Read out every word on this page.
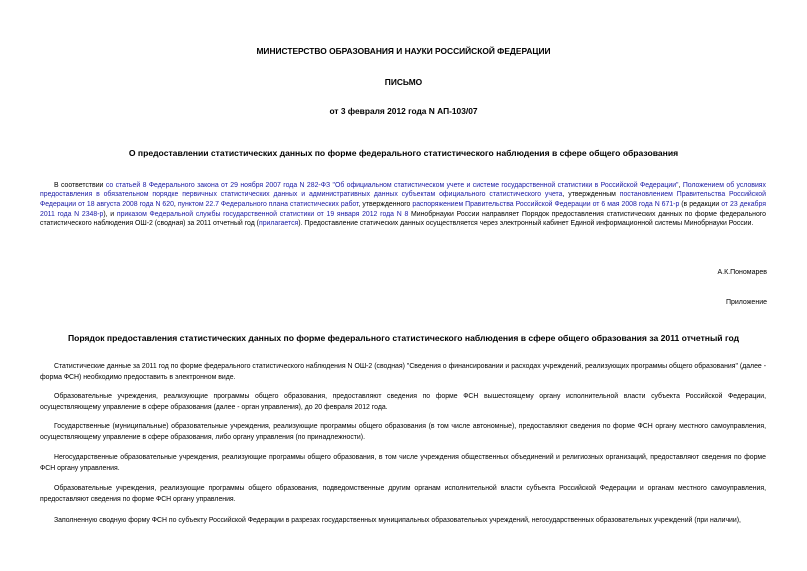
МИНИСТЕРСТВО ОБРАЗОВАНИЯ И НАУКИ РОССИЙСКОЙ ФЕДЕРАЦИИ
ПИСЬМО
от 3 февраля 2012 года N АП-103/07
О предоставлении статистических данных по форме федерального статистического наблюдения в сфере общего образования

В соответствии со статьей 8 Федерального закона от 29 ноября 2007 года N 282-ФЗ "Об официальном статистическом учете и системе государственной статистики в Российской Федерации", Положением об условиях предоставления в обязательном порядке первичных статистических данных и административных данных субъектам официального статистического учета, утвержденным постановлением Правительства Российской Федерации от 18 августа 2008 года N 620, пунктом 22.7 Федерального плана статистических работ, утвержденного распоряжением Правительства Российской Федерации от 6 мая 2008 года N 671-р (в редакции от 23 декабря 2011 года N 2348-р), и приказом Федеральной службы государственной статистики от 19 января 2012 года N 8 Минобрнауки России направляет Порядок предоставления статистических данных по форме федерального статистического наблюдения ОШ-2 (сводная) за 2011 отчетный год (прилагается). Предоставление статических данных осуществляется через электронный кабинет Единой информационной системы Минобрнауки России.

А.К.Пономарев
Приложение
Порядок предоставления статистических данных по форме федерального статистического наблюдения в сфере общего образования за 2011 отчетный год

Статистические данные за 2011 год по форме федерального статистического наблюдения N ОШ-2 (сводная) "Сведения о финансировании и расходах учреждений, реализующих программы общего образования" (далее - форма ФСН) необходимо предоставить в электронном виде.

Образовательные учреждения, реализующие программы общего образования, предоставляют сведения по форме ФСН вышестоящему органу исполнительной власти субъекта Российской Федерации, осуществляющему управление в сфере образования (далее - орган управления), до 20 февраля 2012 года.

Государственные (муниципальные) образовательные учреждения, реализующие программы общего образования (в том числе автономные), предоставляют сведения по форме ФСН органу местного самоуправления, осуществляющему управление в сфере образования, либо органу управления (по принадлежности).

Негосударственные образовательные учреждения, реализующие программы общего образования, в том числе учреждения общественных объединений и религиозных организаций, предоставляют сведения по форме ФСН органу управления.

Образовательные учреждения, реализующие программы общего образования, подведомственные другим органам исполнительной власти субъекта Российской Федерации и органам местного самоуправления, предоставляют сведения по форме ФСН органу управления.

Заполненную сводную форму ФСН по субъекту Российской Федерации в разрезах государственных муниципальных образовательных учреждений, негосударственных образовательных учреждений (при наличии),
